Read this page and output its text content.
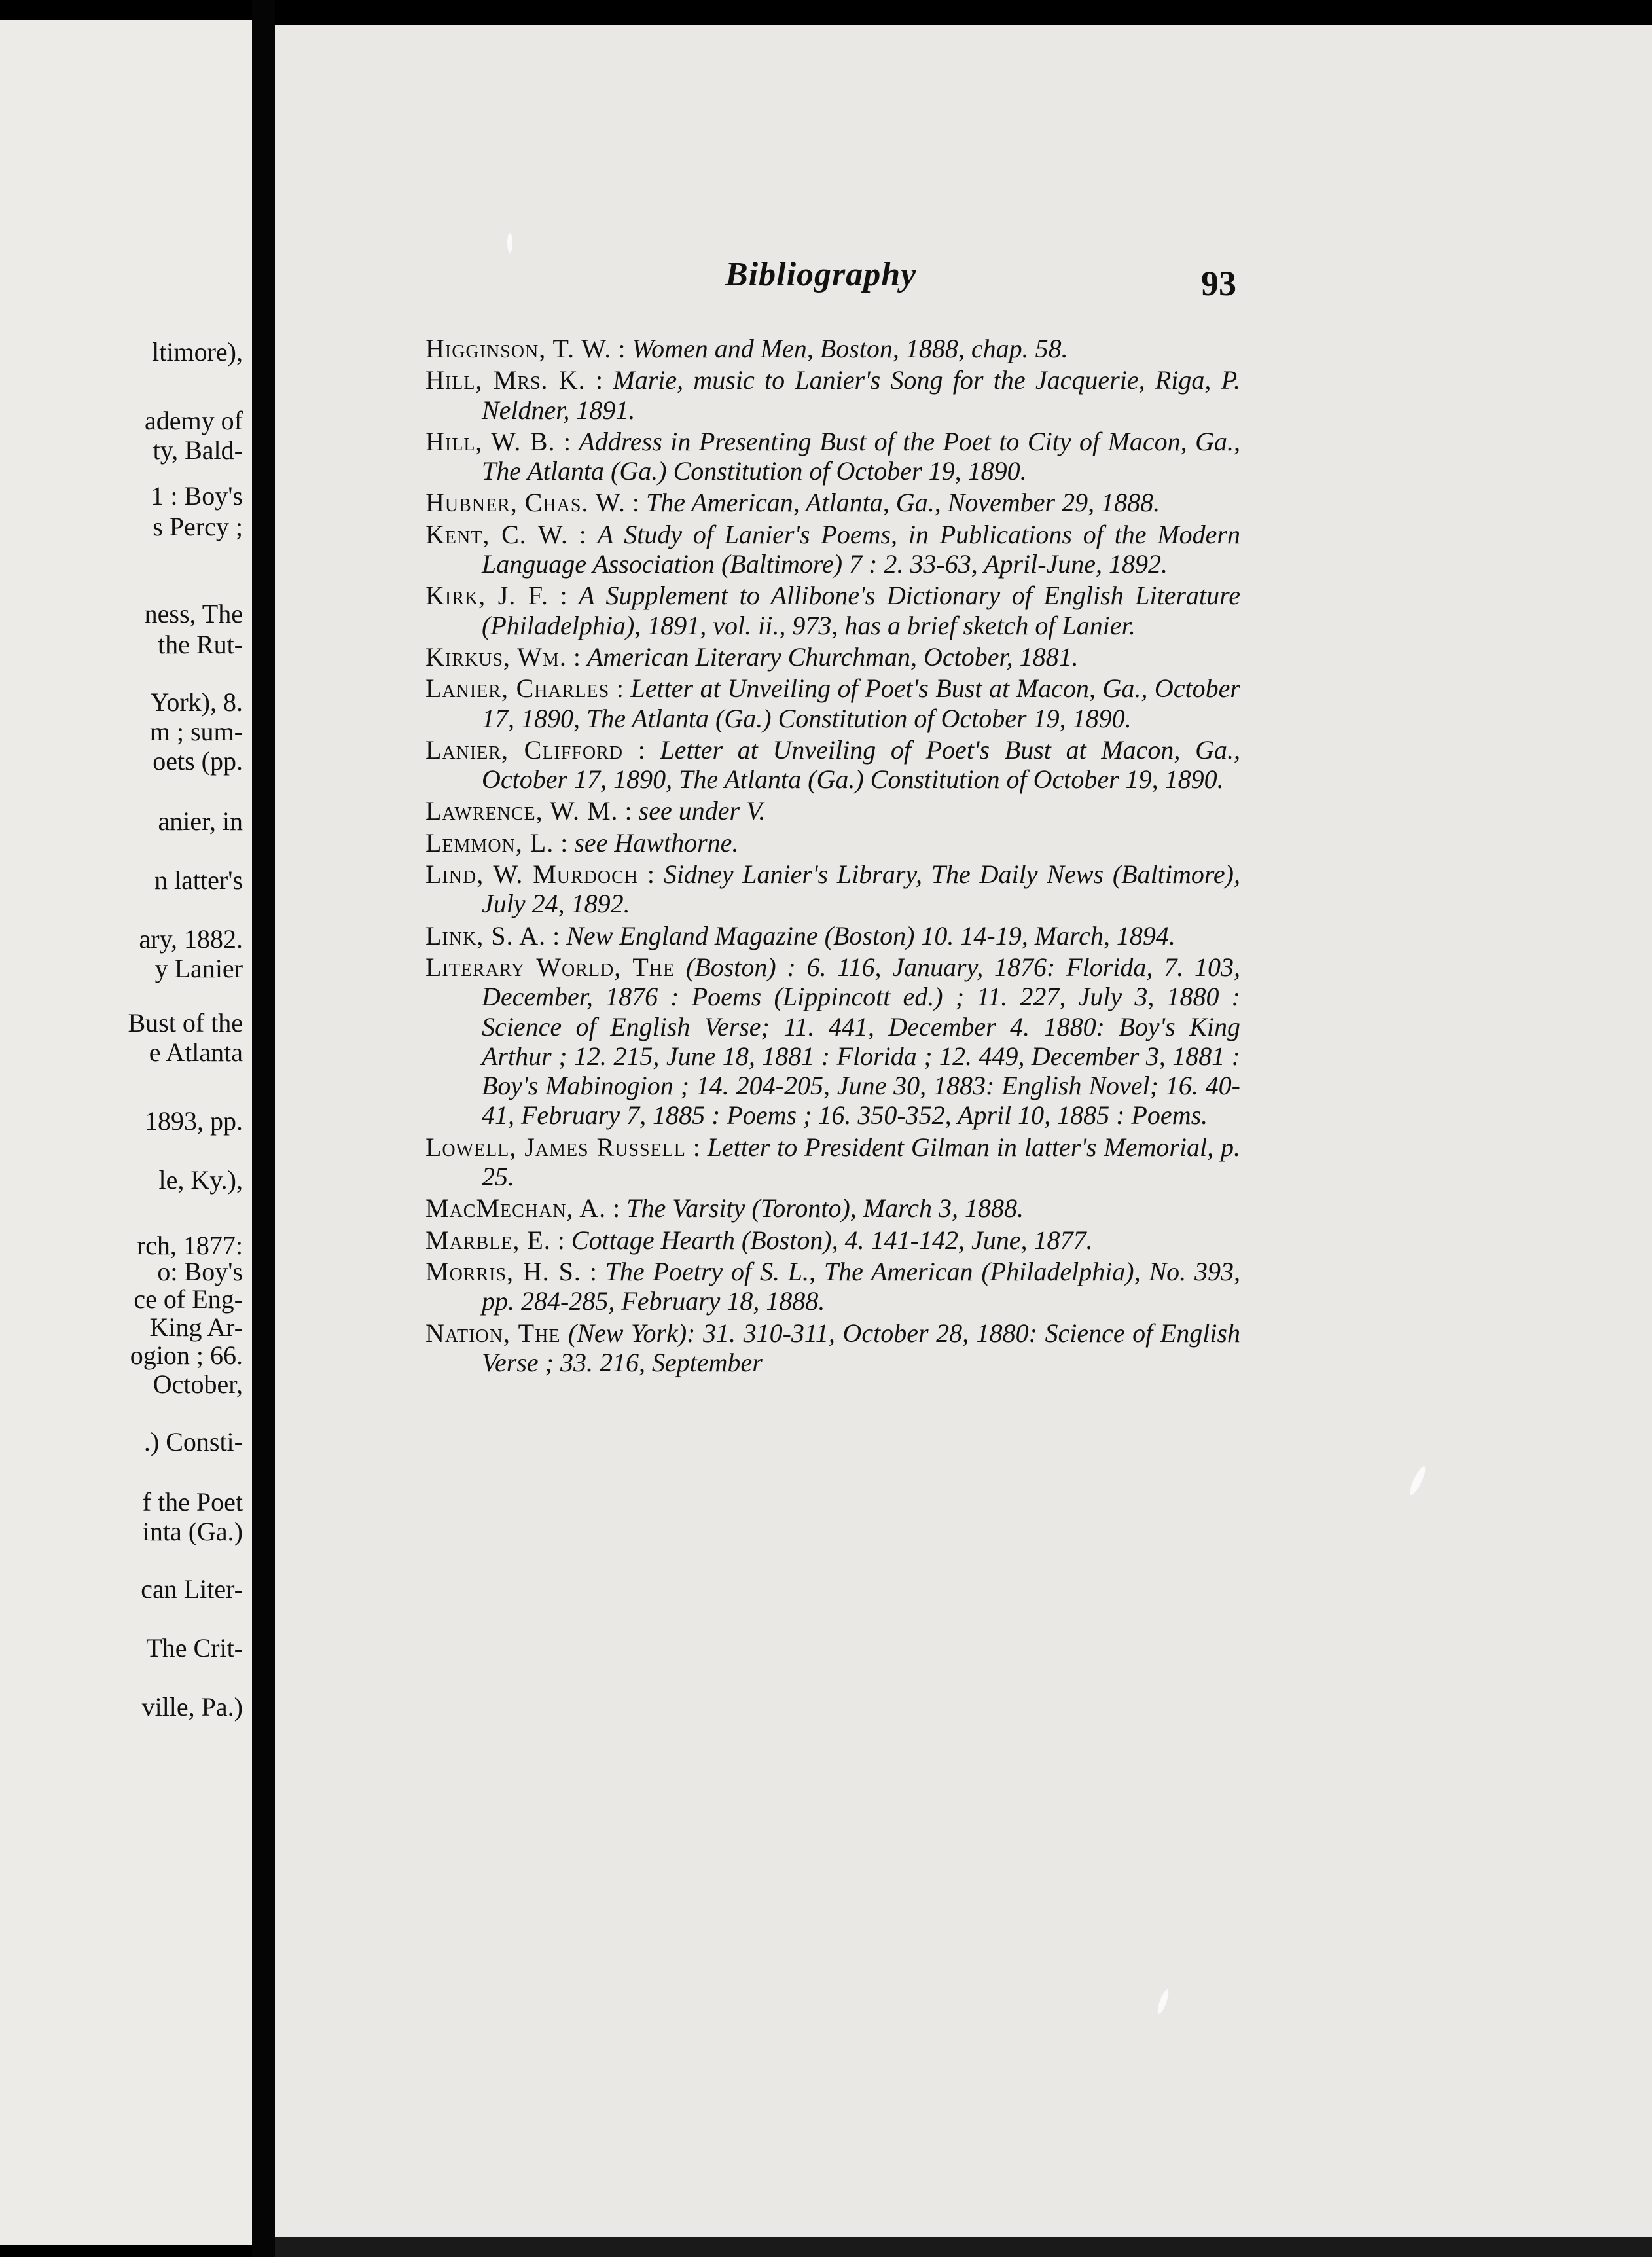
ltimore),
ademy of
ty, Bald-
1 : Boy's
s Percy ;
ness, The
the Rut-
York), 8.
m ; sum-
oets (pp.
anier, in
n latter's
ary, 1882.
y Lanier
Bust of the
e Atlanta
1893, pp.
le, Ky.),
rch, 1877:
o: Boy's
ce of Eng-
King Ar-
ogion ; 66.
October,
.) Consti-
f the Poet
inta (Ga.)
can Liter-
The Crit-
ville, Pa.)
Bibliography	93
Higginson, T. W. : Women and Men, Boston, 1888, chap. 58.
Hill, Mrs. K. : Marie, music to Lanier's Song for the Jacquerie, Riga, P. Neldner, 1891.
Hill, W. B. : Address in Presenting Bust of the Poet to City of Macon, Ga., The Atlanta (Ga.) Constitution of October 19, 1890.
Hubner, Chas. W. : The American, Atlanta, Ga., November 29, 1888.
Kent, C. W. : A Study of Lanier's Poems, in Publications of the Modern Language Association (Baltimore) 7 : 2. 33-63, April-June, 1892.
Kirk, J. F. : A Supplement to Allibone's Dictionary of English Literature (Philadelphia), 1891, vol. ii., 973, has a brief sketch of Lanier.
Kirkus, Wm. : American Literary Churchman, October, 1881.
Lanier, Charles : Letter at Unveiling of Poet's Bust at Macon, Ga., October 17, 1890, The Atlanta (Ga.) Constitution of October 19, 1890.
Lanier, Clifford : Letter at Unveiling of Poet's Bust at Macon, Ga., October 17, 1890, The Atlanta (Ga.) Constitution of October 19, 1890.
Lawrence, W. M. : see under V.
Lemmon, L. : see Hawthorne.
Lind, W. Murdoch : Sidney Lanier's Library, The Daily News (Baltimore), July 24, 1892.
Link, S. A. : New England Magazine (Boston) 10. 14-19, March, 1894.
Literary World, The (Boston) : 6. 116, January, 1876: Florida, 7. 103, December, 1876 : Poems (Lippincott ed.) ; 11. 227, July 3, 1880 : Science of English Verse; 11. 441, December 4. 1880: Boy's King Arthur ; 12. 215, June 18, 1881 : Florida ; 12. 449, December 3, 1881 : Boy's Mabinogion ; 14. 204-205, June 30, 1883: English Novel; 16. 40-41, February 7, 1885 : Poems ; 16. 350-352, April 10, 1885 : Poems.
Lowell, James Russell : Letter to President Gilman in latter's Memorial, p. 25.
MacMechan, A. : The Varsity (Toronto), March 3, 1888.
Marble, E. : Cottage Hearth (Boston), 4. 141-142, June, 1877.
Morris, H. S. : The Poetry of S. L., The American (Philadelphia), No. 393, pp. 284-285, February 18, 1888.
Nation, The (New York): 31. 310-311, October 28, 1880: Science of English Verse ; 33. 216, September
